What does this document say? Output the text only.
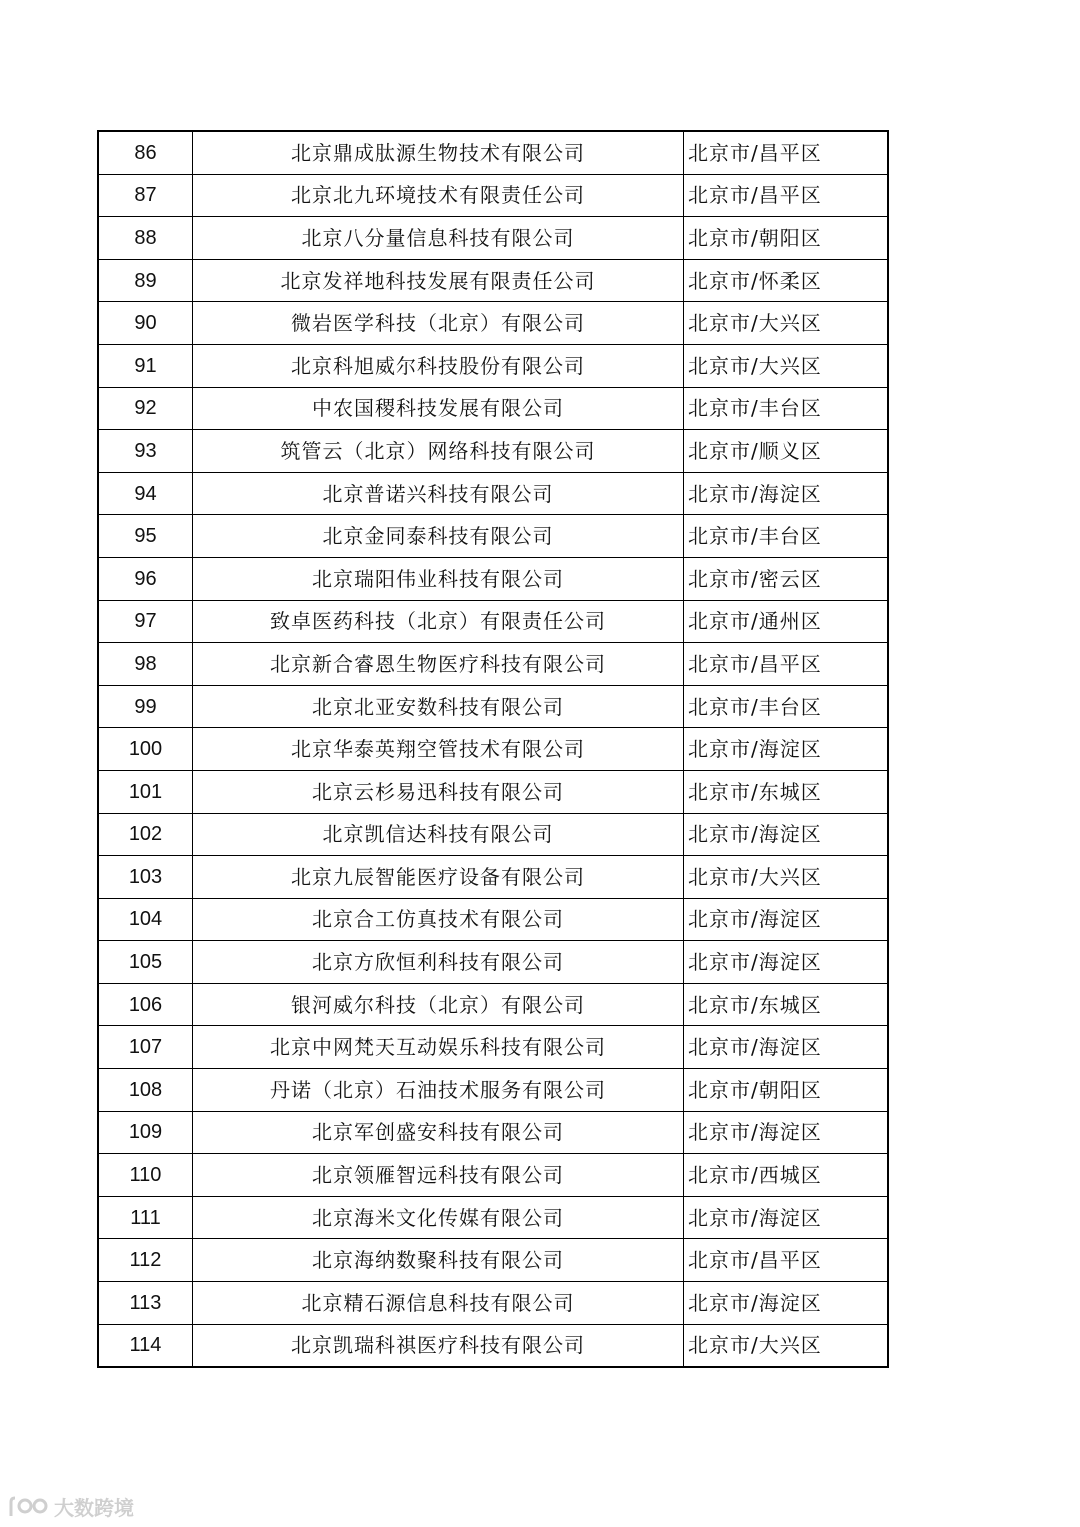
86	北京鼎成肽源生物技术有限公司	北京市/昌平区
87	北京北九环境技术有限责任公司	北京市/昌平区
88	北京八分量信息科技有限公司	北京市/朝阳区
89	北京发祥地科技发展有限责任公司	北京市/怀柔区
90	微岩医学科技（北京）有限公司	北京市/大兴区
91	北京科旭威尔科技股份有限公司	北京市/大兴区
92	中农国稷科技发展有限公司	北京市/丰台区
93	筑管云（北京）网络科技有限公司	北京市/顺义区
94	北京普诺兴科技有限公司	北京市/海淀区
95	北京金同泰科技有限公司	北京市/丰台区
96	北京瑞阳伟业科技有限公司	北京市/密云区
97	致卓医药科技（北京）有限责任公司	北京市/通州区
98	北京新合睿恩生物医疗科技有限公司	北京市/昌平区
99	北京北亚安数科技有限公司	北京市/丰台区
100	北京华泰英翔空管技术有限公司	北京市/海淀区
101	北京云杉易迅科技有限公司	北京市/东城区
102	北京凯信达科技有限公司	北京市/海淀区
103	北京九辰智能医疗设备有限公司	北京市/大兴区
104	北京合工仿真技术有限公司	北京市/海淀区
105	北京方欣恒利科技有限公司	北京市/海淀区
106	银河威尔科技（北京）有限公司	北京市/东城区
107	北京中网梵天互动娱乐科技有限公司	北京市/海淀区
108	丹诺（北京）石油技术服务有限公司	北京市/朝阳区
109	北京军创盛安科技有限公司	北京市/海淀区
110	北京领雁智远科技有限公司	北京市/西城区
111	北京海米文化传媒有限公司	北京市/海淀区
112	北京海纳数聚科技有限公司	北京市/昌平区
113	北京精石源信息科技有限公司	北京市/海淀区
114	北京凯瑞科祺医疗科技有限公司	北京市/大兴区
大数跨境
